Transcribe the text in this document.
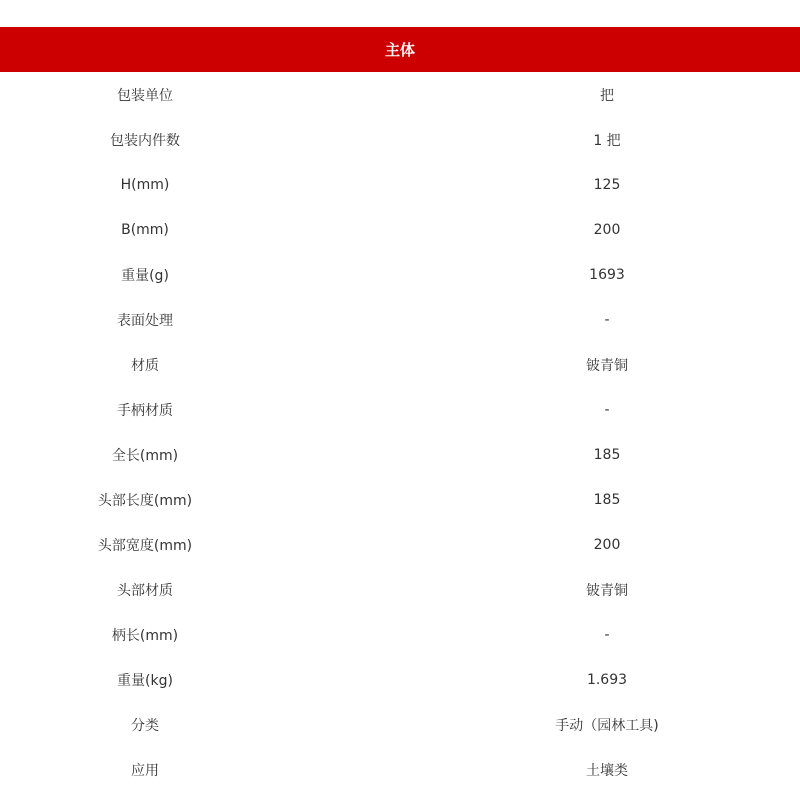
主体
包装单位	把
包装内件数	1 把
H(mm)	125
B(mm)	200
重量(g)	1693
表面处理	-
材质	铍青铜
手柄材质	-
全长(mm)	185
头部长度(mm)	185
头部宽度(mm)	200
头部材质	铍青铜
柄长(mm)	-
重量(kg)	1.693
分类	手动（园林工具)
应用	土壤类
